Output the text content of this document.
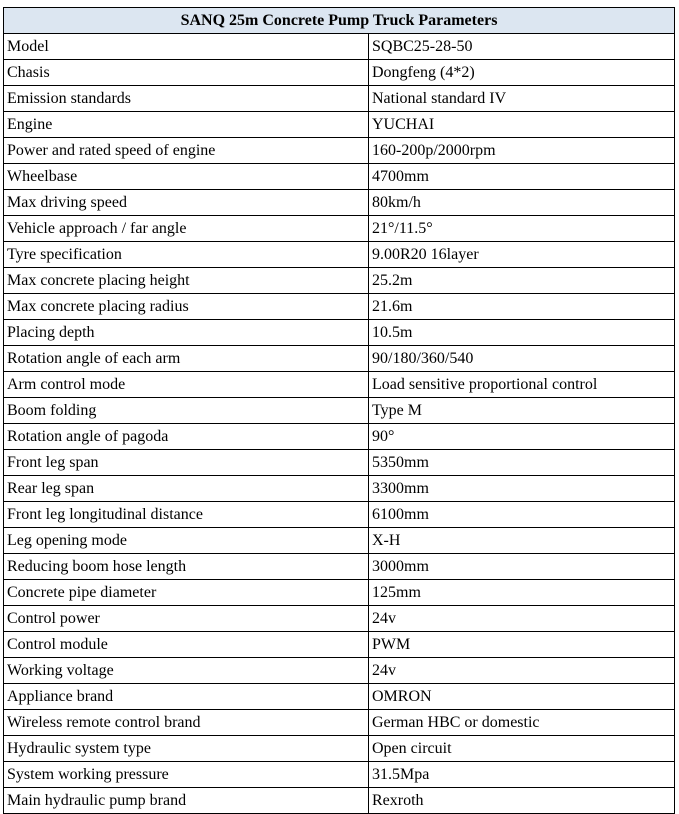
SANQ 25m Concrete Pump Truck Parameters	
Model	SQBC25-28-50
Chasis	Dongfeng (4*2)
Emission standards	National standard IV
Engine	YUCHAI
Power and rated speed of engine	160-200p/2000rpm
Wheelbase	4700mm
Max driving speed	80km/h
Vehicle approach / far angle	21°/11.5°
Tyre specification	9.00R20 16layer
Max concrete placing height	25.2m
Max concrete placing radius	21.6m
Placing depth	10.5m
Rotation angle of each arm	90/180/360/540
Arm control mode	Load sensitive proportional control
Boom folding	Type M
Rotation angle of pagoda	90°
Front leg span	5350mm
Rear leg span	3300mm
Front leg longitudinal distance	6100mm
Leg opening mode	X-H
Reducing boom hose length	3000mm
Concrete pipe diameter	125mm
Control power	24v
Control module	PWM
Working voltage	24v
Appliance brand	OMRON
Wireless remote control brand	German HBC or domestic
Hydraulic system type	Open circuit
System working pressure	31.5Mpa
Main hydraulic pump brand	Rexroth
